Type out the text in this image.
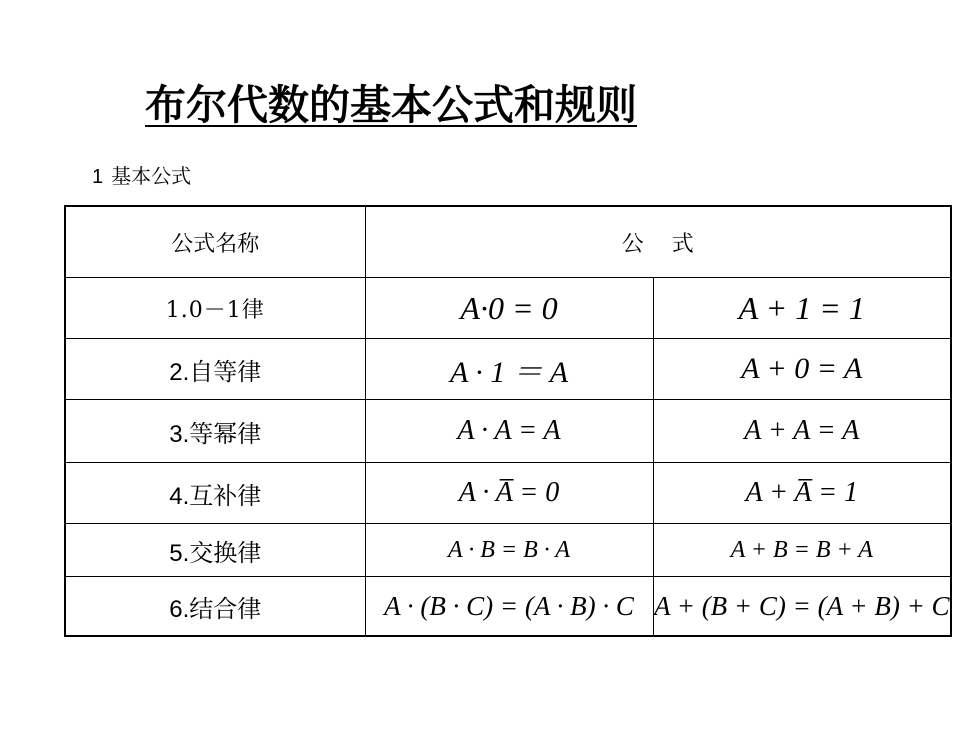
布尔代数的基本公式和规则
1 基本公式
公式名称	公式	
1.0－1律	A·0 = 0	A + 1 = 1
2.自等律	A · 1 ＝ A	A + 0 = A
3.等幂律	A · A = A	A + A = A
4.互补律	A · A̅ = 0	A + A̅ = 1
5.交换律	A · B = B · A	A + B = B + A
6.结合律	A · (B · C) = (A · B) · C	A + (B + C) = (A + B) + C
